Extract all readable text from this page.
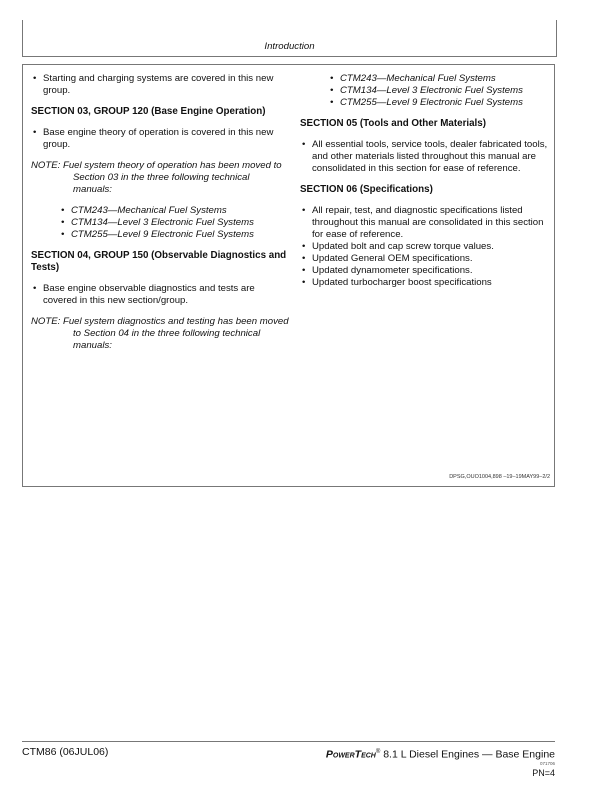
Introduction
• Starting and charging systems are covered in this new group.
SECTION 03, GROUP 120 (Base Engine Operation)
• Base engine theory of operation is covered in this new group.
NOTE: Fuel system theory of operation has been moved to Section 03 in the three following technical manuals:
• CTM243—Mechanical Fuel Systems
• CTM134—Level 3 Electronic Fuel Systems
• CTM255—Level 9 Electronic Fuel Systems
SECTION 04, GROUP 150 (Observable Diagnostics and Tests)
• Base engine observable diagnostics and tests are covered in this new section/group.
NOTE: Fuel system diagnostics and testing has been moved to Section 04 in the three following technical manuals:
• CTM243—Mechanical Fuel Systems
• CTM134—Level 3 Electronic Fuel Systems
• CTM255—Level 9 Electronic Fuel Systems
SECTION 05 (Tools and Other Materials)
• All essential tools, service tools, dealer fabricated tools, and other materials listed throughout this manual are consolidated in this section for ease of reference.
SECTION 06 (Specifications)
• All repair, test, and diagnostic specifications listed throughout this manual are consolidated in this section for ease of reference.
• Updated bolt and cap screw torque values.
• Updated General OEM specifications.
• Updated dynamometer specifications.
• Updated turbocharger boost specifications
DPSG,OUO1004,898 –19–19MAY99–2/2
CTM86 (06JUL06)	PowerTech® 8.1 L Diesel Engines — Base Engine
071706
PN=4
